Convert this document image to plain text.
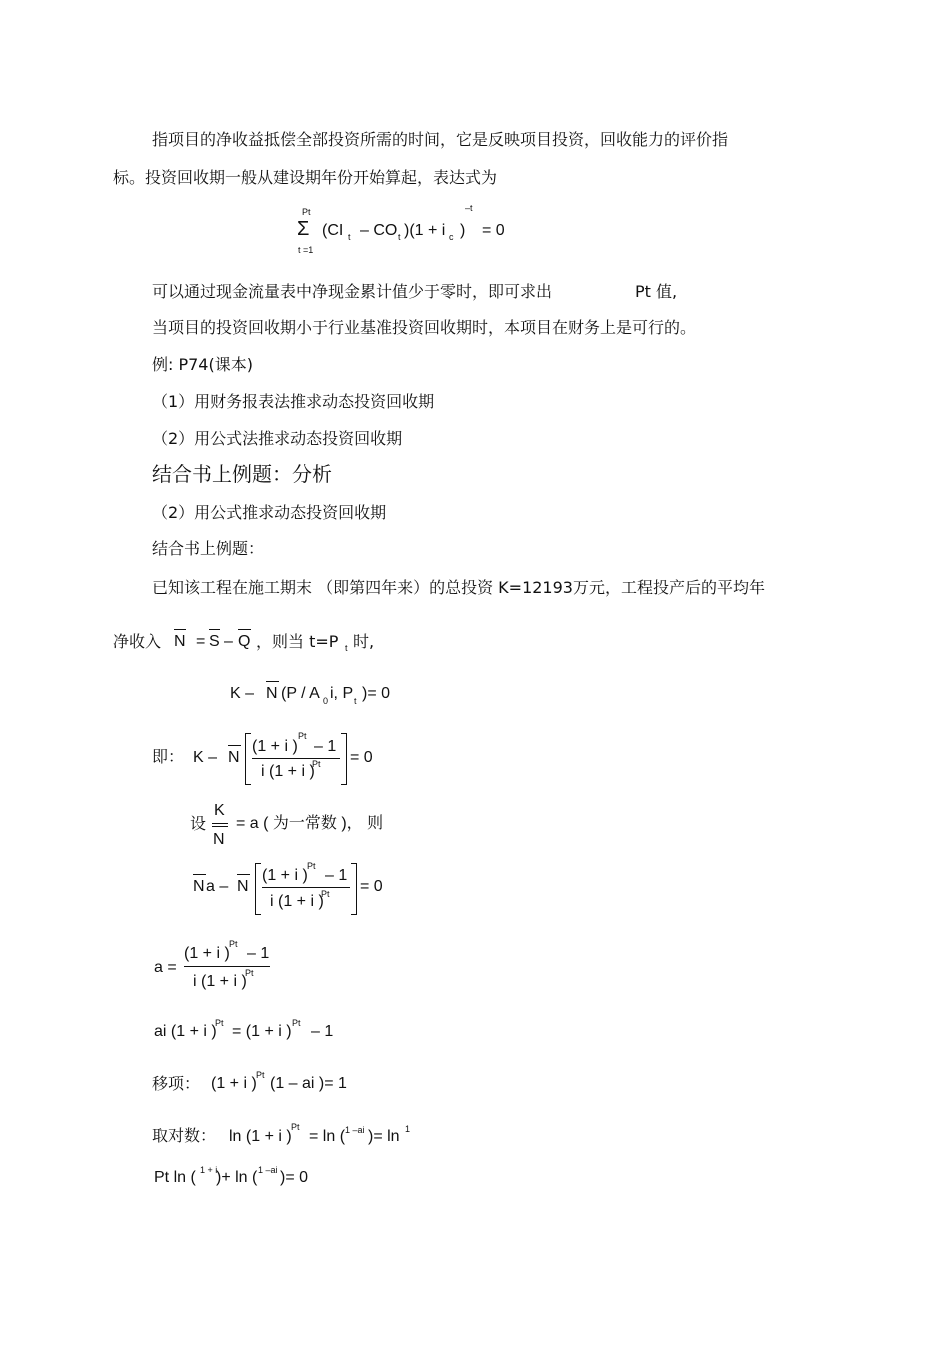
指项目的净收益抵偿全部投资所需的时间，它是反映项目投资，回收能力的评价指
标。投资回收期一般从建设期年份开始算起，表达式为
Pt
Σ
t =1
(CI t – CO t )(1 + i c )
–t
= 0
可以通过现金流量表中净现金累计值少于零时，即可求出	Pt 值,
当项目的投资回收期小于行业基准投资回收期时，本项目在财务上是可行的。
例: P74(课本)
（1）用财务报表法推求动态投资回收期
（2）用公式法推求动态投资回收期
结合书上例题：分析
（2）用公式推求动态投资回收期
结合书上例题：
已知该工程在施工期末 （即第四年来）的总投资 K=12193万元，工程投产后的平均年
净收入 N = S – Q ，则当 t=P t 时,
K – N (P / A 0 i, P t )= 0
即： K – N
(1 + i )
Pt
– 1
i (1 + i )
Pt = 0
设
K
N
= a ( 为一常数 )， 则
N a – N
(1 + i )
Pt
– 1
i (1 + i )
Pt = 0
a =
(1 + i )
Pt
– 1
i (1 + i )
Pt
ai (1 + i )
Pt = (1 + i ) Pt – 1
移项： (1 + i ) Pt (1 – ai )= 1
取对数： ln (1 + i )
Pt
= ln ( 1 –ai )= ln 1
Pt ln ( 1 + i
)+ ln ( 1 –ai )= 0
